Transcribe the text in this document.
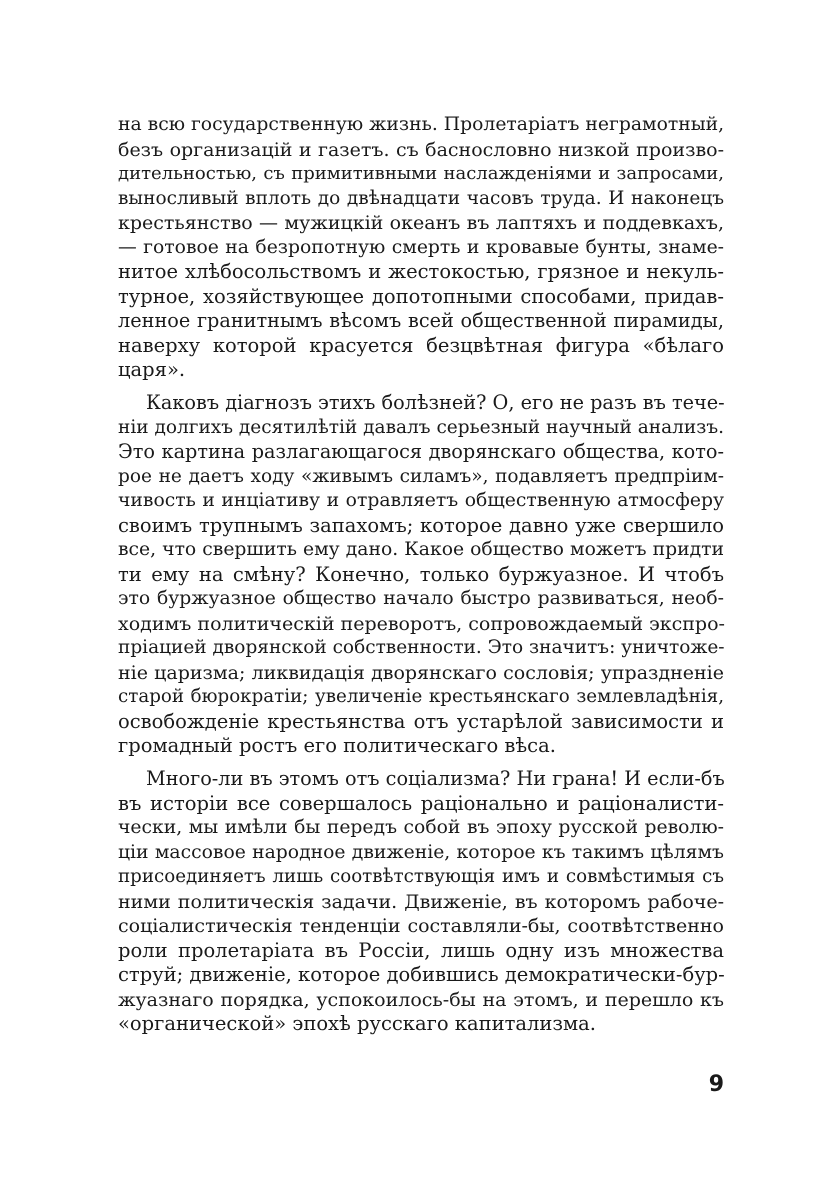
на всю государственную жизнь. Пролетаріатъ неграмотный,
безъ организацій и газетъ. съ баснословно низкой произво-
дительностью, съ примитивными наслажденіями и запросами,
выносливый вплоть до двѣнадцати часовъ труда. И наконецъ
крестьянство — мужицкій океанъ въ лаптяхъ и поддевкахъ,
— готовое на безропотную смерть и кровавые бунты, знаме-
нитое хлѣбосольствомъ и жестокостью, грязное и некуль-
турное, хозяйствующее допотопными способами, придав-
ленное гранитнымъ вѣсомъ всей общественной пирамиды,
наверху которой красуется безцвѣтная фигура «бѣлаго
царя».
Каковъ діагнозъ этихъ болѣзней? О, его не разъ въ тече-
ніи долгихъ десятилѣтій давалъ серьезный научный анализъ.
Это картина разлагающагося дворянскаго общества, кото-
рое не даетъ ходу «живымъ силамъ», подавляетъ предпріим-
чивость и инціативу и отравляетъ общественную атмосферу
своимъ трупнымъ запахомъ; которое давно уже свершило
все, что свершить ему дано. Какое общество можетъ придти
ти ему на смѣну? Конечно, только буржуазное. И чтобъ
это буржуазное общество начало быстро развиваться, необ-
ходимъ политическій переворотъ, сопровождаемый экспро-
пріацией дворянской собственности. Это значитъ: уничтоже-
ніе царизма; ликвидація дворянскаго сословія; упраздненіе
старой бюрократіи; увеличеніе крестьянскаго землевладѣнія,
освобожденіе крестьянства отъ устарѣлой зависимости и
громадный ростъ его политическаго вѣса.
Много-ли въ этомъ отъ соціализма? Ни грана! И если-бъ
въ исторіи все совершалось раціонально и раціоналисти-
чески, мы имѣли бы передъ собой въ эпоху русской револю-
ціи массовое народное движеніе, которое къ такимъ цѣлямъ
присоединяетъ лишь соотвѣтствующія имъ и совмѣстимыя съ
ними политическія задачи. Движеніе, въ которомъ рабоче-
соціалистическія тенденціи составляли-бы, соотвѣтственно
роли пролетаріата въ Россіи, лишь одну изъ множества
струй; движеніе, которое добившись демократически-бур-
жуазнаго порядка, успокоилось-бы на этомъ, и перешло къ
«органической» эпохѣ русскаго капитализма.
9
